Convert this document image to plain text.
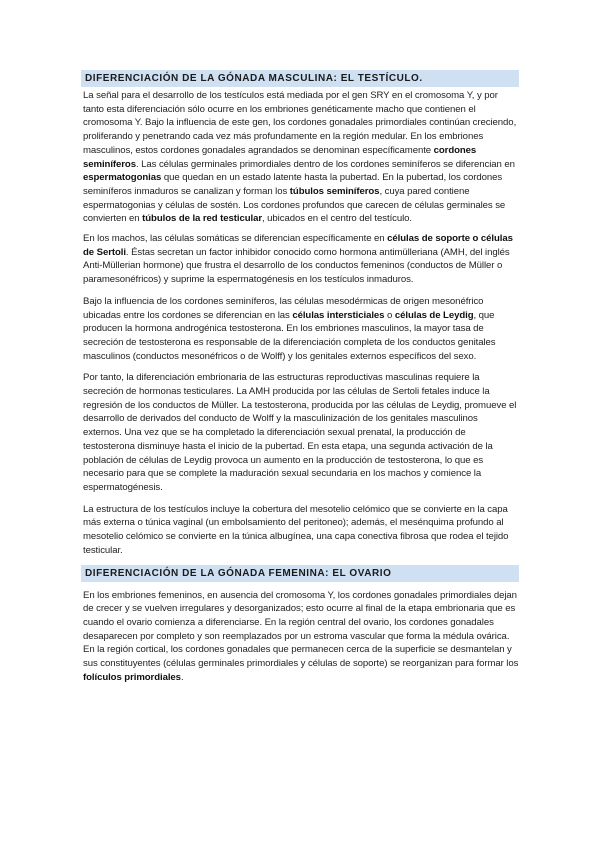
DIFERENCIACIÓN DE LA GÓNADA MASCULINA: EL TESTÍCULO.

La señal para el desarrollo de los testículos está mediada por el gen SRY en el cromosoma Y, y por tanto esta diferenciación sólo ocurre en los embriones genéticamente macho que contienen el cromosoma Y. Bajo la influencia de este gen, los cordones gonadales primordiales continúan creciendo, proliferando y penetrando cada vez más profundamente en la región medular. En los embriones masculinos, estos cordones gonadales agrandados se denominan específicamente cordones seminíferos. Las células germinales primordiales dentro de los cordones seminíferos se diferencian en espermatogonias que quedan en un estado latente hasta la pubertad. En la pubertad, los cordones seminíferos inmaduros se canalizan y forman los túbulos seminíferos, cuya pared contiene espermatogonias y células de sostén. Los cordones profundos que carecen de células germinales se convierten en túbulos de la red testicular, ubicados en el centro del testículo.

En los machos, las células somáticas se diferencian específicamente en células de soporte o células de Sertoli. Éstas secretan un factor inhibidor conocido como hormona antimülleriana (AMH, del inglés Anti-Müllerian hormone) que frustra el desarrollo de los conductos femeninos (conductos de Müller o paramesonéfricos) y suprime la espermatogénesis en los testículos inmaduros.

Bajo la influencia de los cordones seminíferos, las células mesodérmicas de origen mesonéfrico ubicadas entre los cordones se diferencian en las células intersticiales o células de Leydig, que producen la hormona androgénica testosterona. En los embriones masculinos, la mayor tasa de secreción de testosterona es responsable de la diferenciación completa de los conductos genitales masculinos (conductos mesonéfricos o de Wolff) y los genitales externos específicos del sexo.

Por tanto, la diferenciación embrionaria de las estructuras reproductivas masculinas requiere la secreción de hormonas testiculares. La AMH producida por las células de Sertoli fetales induce la regresión de los conductos de Müller. La testosterona, producida por las células de Leydig, promueve el desarrollo de derivados del conducto de Wolff y la masculinización de los genitales masculinos externos. Una vez que se ha completado la diferenciación sexual prenatal, la producción de testosterona disminuye hasta el inicio de la pubertad. En esta etapa, una segunda activación de la población de células de Leydig provoca un aumento en la producción de testosterona, lo que es necesario para que se complete la maduración sexual secundaria en los machos y comience la espermatogénesis.

La estructura de los testículos incluye la cobertura del mesotelio celómico que se convierte en la capa más externa o túnica vaginal (un embolsamiento del peritoneo); además, el mesénquima profundo al mesotelio celómico se convierte en la túnica albugínea, una capa conectiva fibrosa que rodea el tejido testicular.

DIFERENCIACIÓN DE LA GÓNADA FEMENINA: EL OVARIO

En los embriones femeninos, en ausencia del cromosoma Y, los cordones gonadales primordiales dejan de crecer y se vuelven irregulares y desorganizados; esto ocurre al final de la etapa embrionaria que es cuando el ovario comienza a diferenciarse. En la región central del ovario, los cordones gonadales desaparecen por completo y son reemplazados por un estroma vascular que forma la médula ovárica. En la región cortical, los cordones gonadales que permanecen cerca de la superficie se desmantelan y sus constituyentes (células germinales primordiales y células de soporte) se reorganizan para formar los folículos primordiales.
